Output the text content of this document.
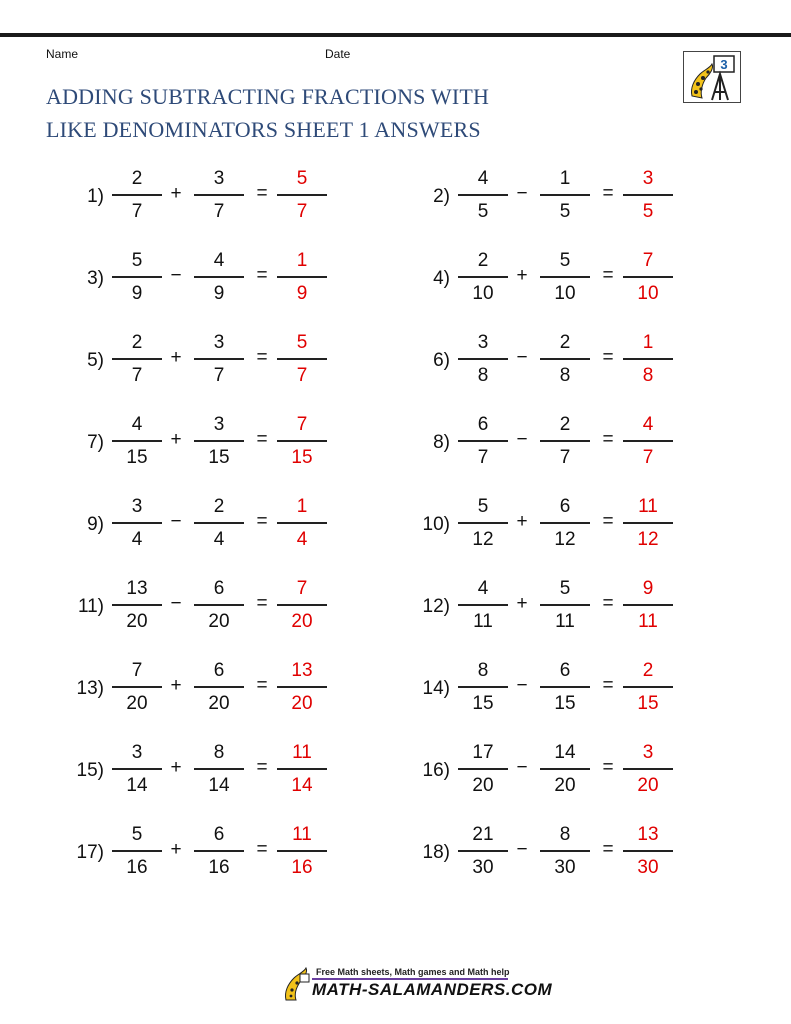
Name	Date
ADDING SUBTRACTING FRACTIONS WITH
LIKE DENOMINATORS SHEET 1 ANSWERS
3
1)
2
7
+
3
7
=
5
7
2)
4
5
−
1
5
=
3
5
3)
5
9
−
4
9
=
1
9
4)
2
10
+
5
10
=
7
10
5)
2
7
+
3
7
=
5
7
6)
3
8
−
2
8
=
1
8
7)
4
15
+
3
15
=
7
15
8)
6
7
−
2
7
=
4
7
9)
3
4
−
2
4
=
1
4
10)
5
12
+
6
12
=
11
12
11)
13
20
−
6
20
=
7
20
12)
4
11
+
5
11
=
9
11
13)
7
20
+
6
20
=
13
20
14)
8
15
−
6
15
=
2
15
15)
3
14
+
8
14
=
11
14
16)
17
20
−
14
20
=
3
20
17)
5
16
+
6
16
=
11
16
18)
21
30
−
8
30
=
13
30
Free Math sheets, Math games and Math help
MATH-SALAMANDERS.COM
